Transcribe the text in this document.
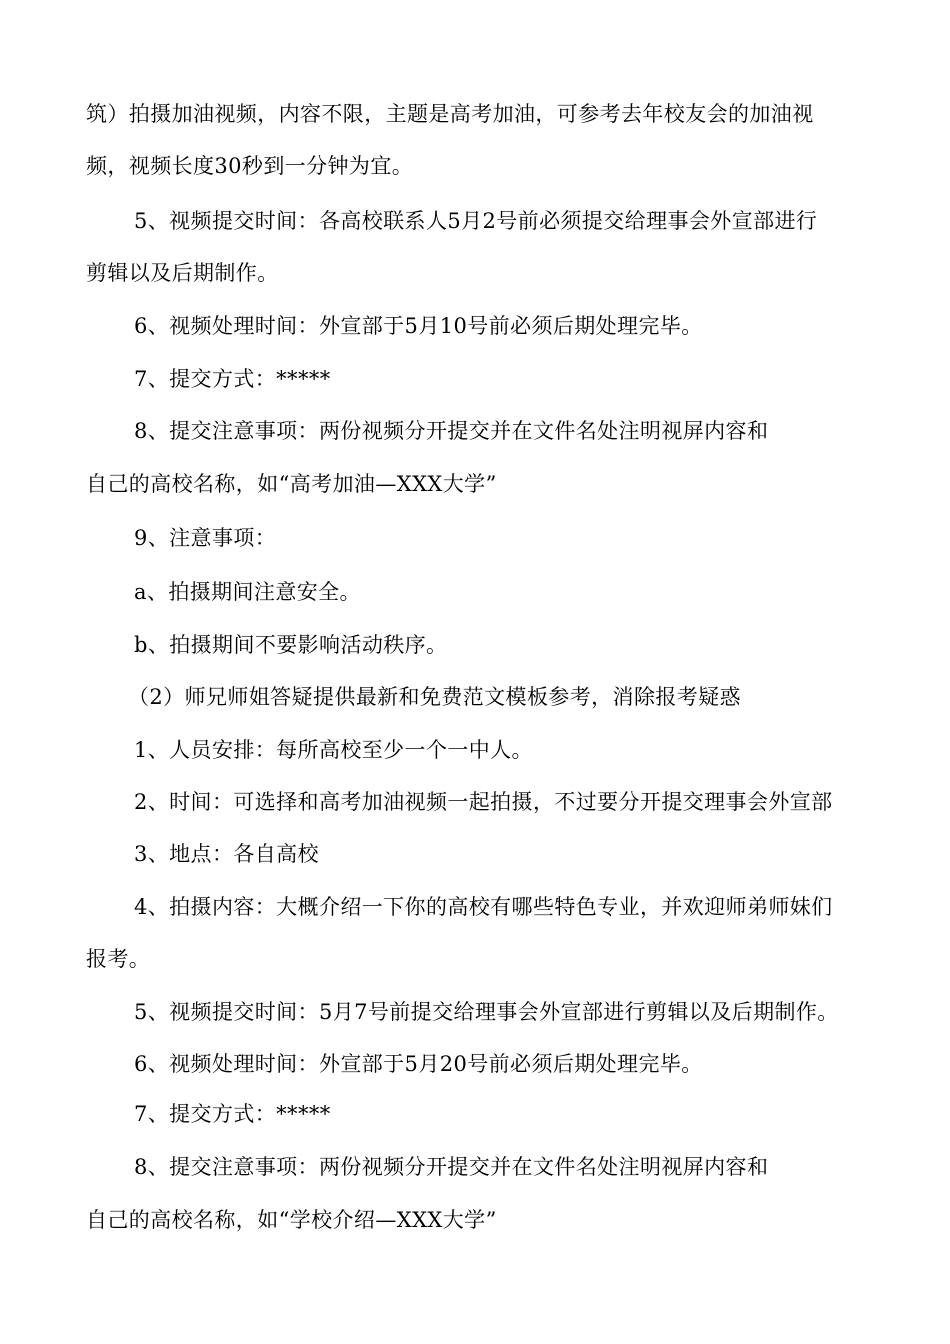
筑）拍摄加油视频，内容不限，主题是高考加油，可参考去年校友会的加油视
频，视频长度30秒到一分钟为宜。
5、视频提交时间：各高校联系人5月2号前必须提交给理事会外宣部进行
剪辑以及后期制作。
6、视频处理时间：外宣部于5月10号前必须后期处理完毕。
7、提交方式：*****
8、提交注意事项：两份视频分开提交并在文件名处注明视屏内容和
自己的高校名称，如“高考加油—XXX大学”
9、注意事项：
a、拍摄期间注意安全。
b、拍摄期间不要影响活动秩序。
（2）师兄师姐答疑提供最新和免费范文模板参考，消除报考疑惑
1、人员安排：每所高校至少一个一中人。
2、时间：可选择和高考加油视频一起拍摄，不过要分开提交理事会外宣部
3、地点：各自高校
4、拍摄内容：大概介绍一下你的高校有哪些特色专业，并欢迎师弟师妹们
报考。
5、视频提交时间：5月7号前提交给理事会外宣部进行剪辑以及后期制作。
6、视频处理时间：外宣部于5月20号前必须后期处理完毕。
7、提交方式：*****
8、提交注意事项：两份视频分开提交并在文件名处注明视屏内容和
自己的高校名称，如“学校介绍—XXX大学”
